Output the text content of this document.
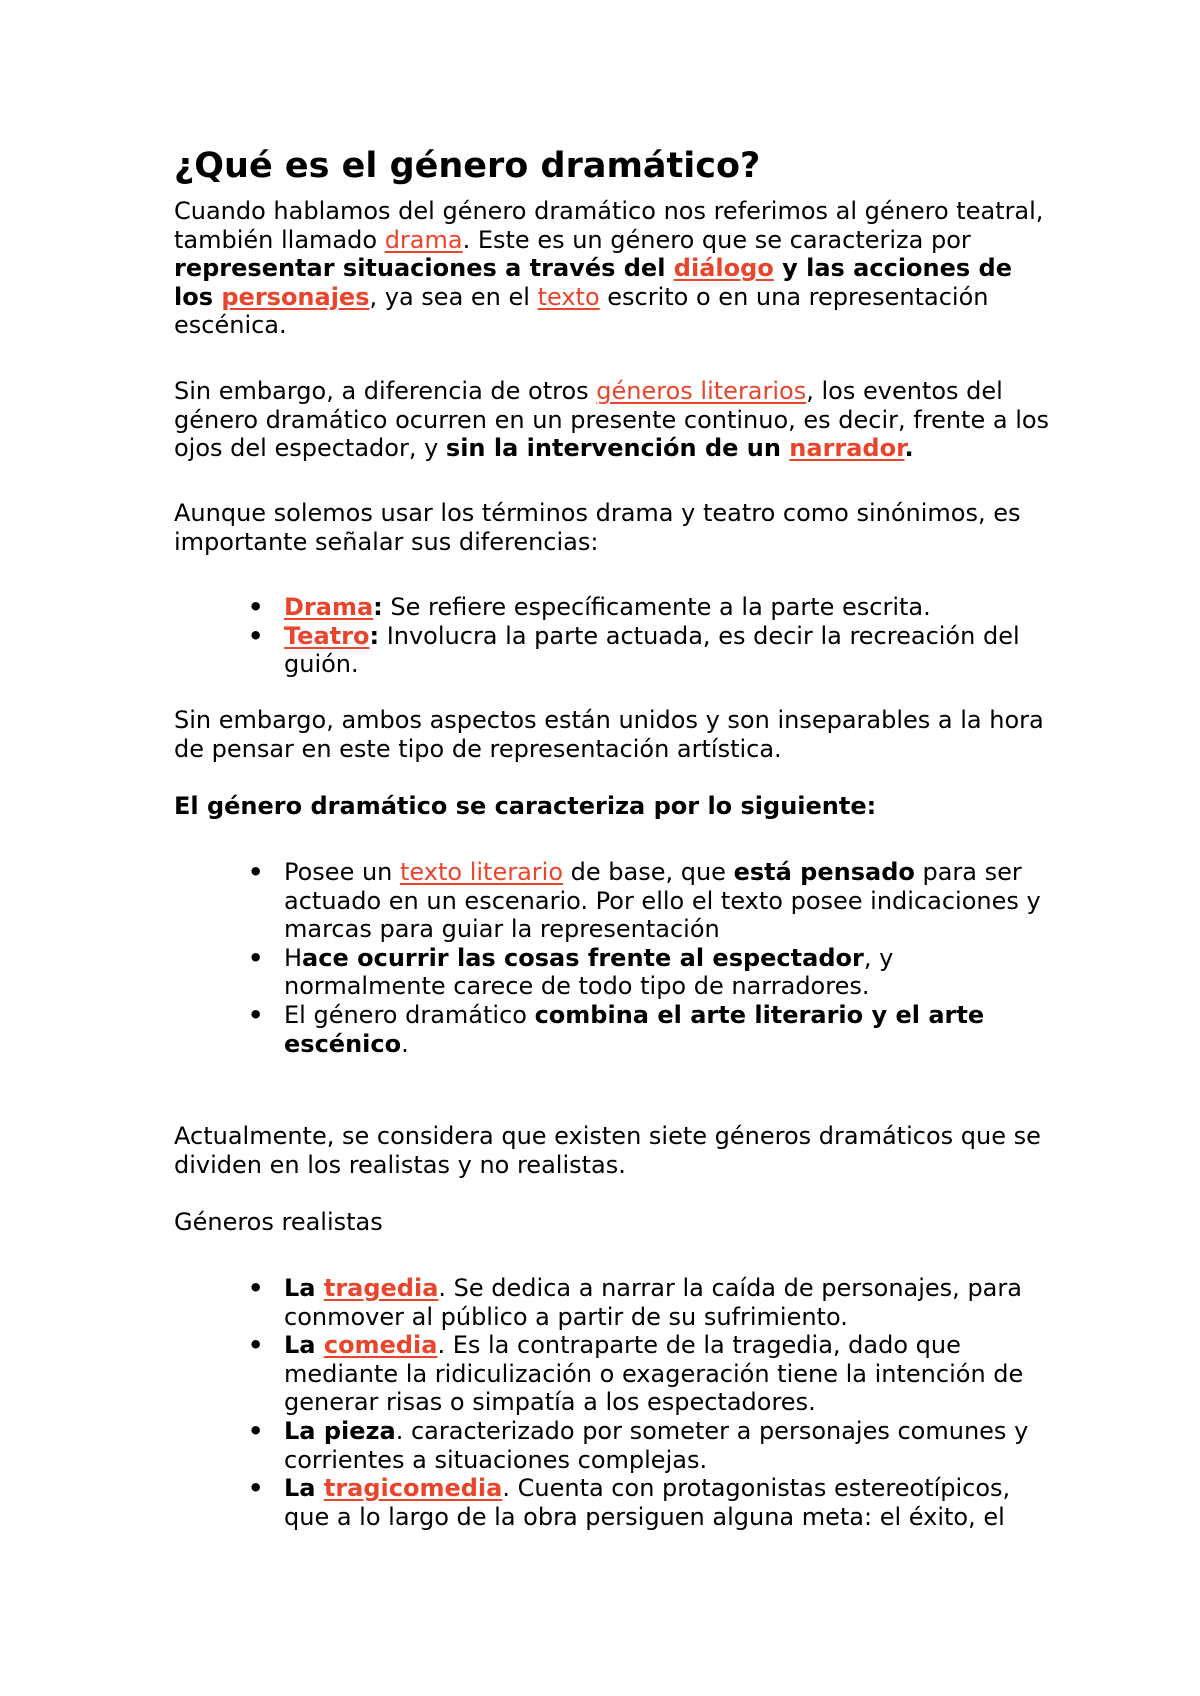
¿Qué es el género dramático?

Cuando hablamos del género dramático nos referimos al género teatral, también llamado drama. Este es un género que se caracteriza por representar situaciones a través del diálogo y las acciones de los personajes, ya sea en el texto escrito o en una representación escénica.

Sin embargo, a diferencia de otros géneros literarios, los eventos del género dramático ocurren en un presente continuo, es decir, frente a los ojos del espectador, y sin la intervención de un narrador.

Aunque solemos usar los términos drama y teatro como sinónimos, es importante señalar sus diferencias:

• Drama: Se refiere específicamente a la parte escrita.
• Teatro: Involucra la parte actuada, es decir la recreación del guión.

Sin embargo, ambos aspectos están unidos y son inseparables a la hora de pensar en este tipo de representación artística.

El género dramático se caracteriza por lo siguiente:

• Posee un texto literario de base, que está pensado para ser actuado en un escenario. Por ello el texto posee indicaciones y marcas para guiar la representación
• Hace ocurrir las cosas frente al espectador, y normalmente carece de todo tipo de narradores.
• El género dramático combina el arte literario y el arte escénico.

Actualmente, se considera que existen siete géneros dramáticos que se dividen en los realistas y no realistas.

Géneros realistas

• La tragedia. Se dedica a narrar la caída de personajes, para conmover al público a partir de su sufrimiento.
• La comedia. Es la contraparte de la tragedia, dado que mediante la ridiculización o exageración tiene la intención de generar risas o simpatía a los espectadores.
• La pieza. caracterizado por someter a personajes comunes y corrientes a situaciones complejas.
• La tragicomedia. Cuenta con protagonistas estereotípicos, que a lo largo de la obra persiguen alguna meta: el éxito, el
